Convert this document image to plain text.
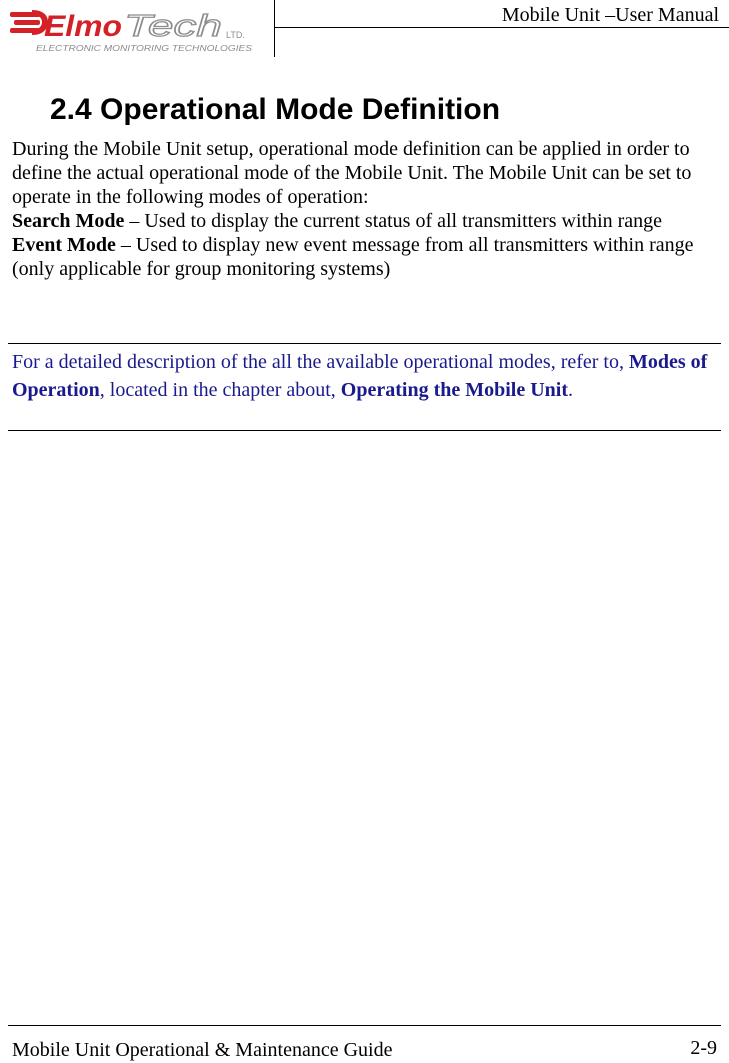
Elmo Tech LTD.
ELECTRONIC MONITORING TECHNOLOGIES
Mobile Unit –User Manual
2.4 Operational Mode Definition

During the Mobile Unit setup, operational mode definition can be applied in order to define the actual operational mode of the Mobile Unit. The Mobile Unit can be set to operate in the following modes of operation:

Search Mode – Used to display the current status of all transmitters within range

Event Mode – Used to display new event message from all transmitters within range (only applicable for group monitoring systems)

For a detailed description of the all the available operational modes, refer to, Modes of Operation, located in the chapter about, Operating the Mobile Unit.

Mobile Unit Operational & Maintenance Guide	2-9
